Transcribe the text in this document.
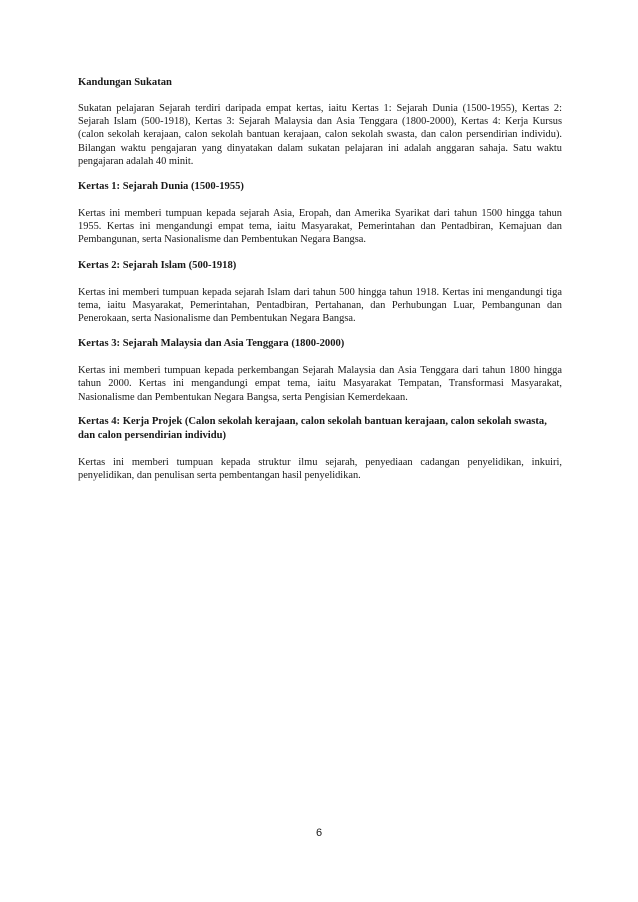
Kandungan Sukatan

Sukatan pelajaran Sejarah terdiri daripada empat kertas, iaitu Kertas 1: Sejarah Dunia (1500-1955), Kertas 2: Sejarah Islam (500-1918), Kertas 3: Sejarah Malaysia dan Asia Tenggara (1800-2000), Kertas 4: Kerja Kursus (calon sekolah kerajaan, calon sekolah bantuan kerajaan, calon sekolah swasta, dan calon persendirian individu). Bilangan waktu pengajaran yang dinyatakan dalam sukatan pelajaran ini adalah anggaran sahaja. Satu waktu pengajaran adalah 40 minit.

Kertas 1: Sejarah Dunia (1500-1955)

Kertas ini memberi tumpuan kepada sejarah Asia, Eropah, dan Amerika Syarikat dari tahun 1500 hingga tahun 1955. Kertas ini mengandungi empat tema, iaitu Masyarakat, Pemerintahan dan Pentadbiran, Kemajuan dan Pembangunan, serta Nasionalisme dan Pembentukan Negara Bangsa.

Kertas 2: Sejarah Islam (500-1918)

Kertas ini memberi tumpuan kepada sejarah Islam dari tahun 500 hingga tahun 1918. Kertas ini mengandungi tiga tema, iaitu Masyarakat, Pemerintahan, Pentadbiran, Pertahanan, dan Perhubungan Luar, Pembangunan dan Penerokaan, serta Nasionalisme dan Pembentukan Negara Bangsa.

Kertas 3: Sejarah Malaysia dan Asia Tenggara (1800-2000)

Kertas ini memberi tumpuan kepada perkembangan Sejarah Malaysia dan Asia Tenggara dari tahun 1800 hingga tahun 2000. Kertas ini mengandungi empat tema, iaitu Masyarakat Tempatan, Transformasi Masyarakat, Nasionalisme dan Pembentukan Negara Bangsa, serta Pengisian Kemerdekaan.

Kertas 4: Kerja Projek (Calon sekolah kerajaan, calon sekolah bantuan kerajaan, calon sekolah swasta, dan calon persendirian individu)

Kertas ini memberi tumpuan kepada struktur ilmu sejarah, penyediaan cadangan penyelidikan, inkuiri, penyelidikan, dan penulisan serta pembentangan hasil penyelidikan.

6
